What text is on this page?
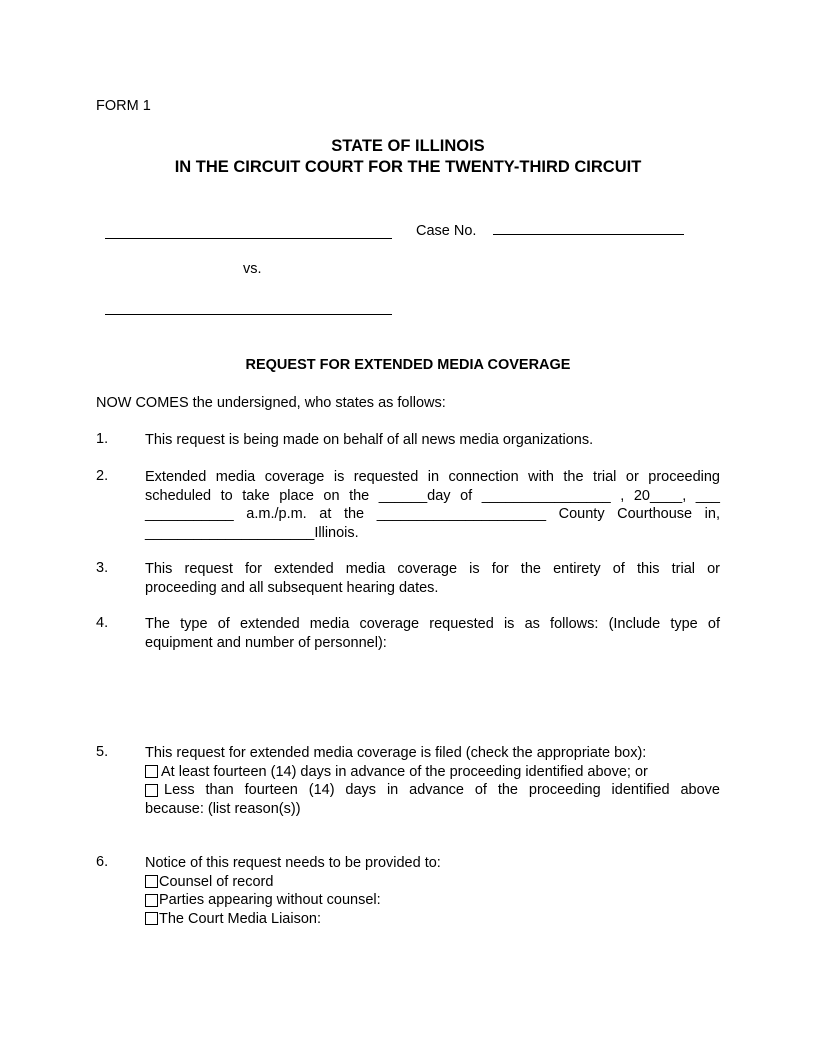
FORM 1
STATE OF ILLINOIS
IN THE CIRCUIT COURT FOR THE TWENTY-THIRD CIRCUIT
Case No.
vs.
REQUEST FOR EXTENDED MEDIA COVERAGE
NOW COMES the undersigned, who states as follows:
1.	This request is being made on behalf of all news media organizations.
2.	Extended media coverage is requested in connection with the trial or proceeding
scheduled to take place on the ______day of ________________ , 20____, ___
___________ a.m./p.m. at the _____________________ County Courthouse in,
_____________________Illinois.
3.	This request for extended media coverage is for the entirety of this trial or
proceeding and all subsequent hearing dates.
4.	The type of extended media coverage requested is as follows: (Include type of
equipment and number of personnel):
5.	This request for extended media coverage is filed (check the appropriate box):
At least fourteen (14) days in advance of the proceeding identified above; or
Less than fourteen (14) days in advance of the proceeding identified above
because: (list reason(s))
6.	Notice of this request needs to be provided to:
Counsel of record
Parties appearing without counsel:
The Court Media Liaison:
